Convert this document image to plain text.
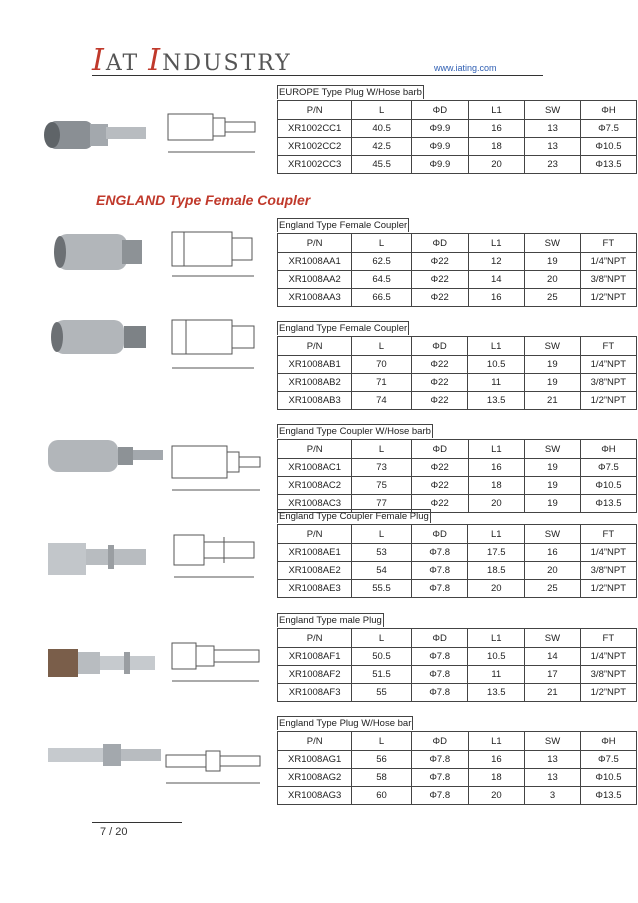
IAT INDUSTRY	www.iating.com
ENGLAND Type Female Coupler
EUROPE Type Plug W/Hose barb
P/N	L	ΦD	L1	SW	ΦH
XR1002CC1	40.5	Φ9.9	16	13	Φ7.5
XR1002CC2	42.5	Φ9.9	18	13	Φ10.5
XR1002CC3	45.5	Φ9.9	20	23	Φ13.5
England Type Female Coupler
P/N	L	ΦD	L1	SW	FT
XR1008AA1	62.5	Φ22	12	19	1/4”NPT
XR1008AA2	64.5	Φ22	14	20	3/8”NPT
XR1008AA3	66.5	Φ22	16	25	1/2”NPT
England Type Female Coupler
P/N	L	ΦD	L1	SW	FT
XR1008AB1	70	Φ22	10.5	19	1/4”NPT
XR1008AB2	71	Φ22	11	19	3/8”NPT
XR1008AB3	74	Φ22	13.5	21	1/2”NPT
England Type Coupler W/Hose barb
P/N	L	ΦD	L1	SW	ΦH
XR1008AC1	73	Φ22	16	19	Φ7.5
XR1008AC2	75	Φ22	18	19	Φ10.5
XR1008AC3	77	Φ22	20	19	Φ13.5
England Type Coupler Female Plug
P/N	L	ΦD	L1	SW	FT
XR1008AE1	53	Φ7.8	17.5	16	1/4”NPT
XR1008AE2	54	Φ7.8	18.5	20	3/8”NPT
XR1008AE3	55.5	Φ7.8	20	25	1/2”NPT
England Type male Plug
P/N	L	ΦD	L1	SW	FT
XR1008AF1	50.5	Φ7.8	10.5	14	1/4”NPT
XR1008AF2	51.5	Φ7.8	11	17	3/8”NPT
XR1008AF3	55	Φ7.8	13.5	21	1/2”NPT
England Type Plug W/Hose bar
P/N	L	ΦD	L1	SW	ΦH
XR1008AG1	56	Φ7.8	16	13	Φ7.5
XR1008AG2	58	Φ7.8	18	13	Φ10.5
XR1008AG3	60	Φ7.8	20	3	Φ13.5
7 / 20
